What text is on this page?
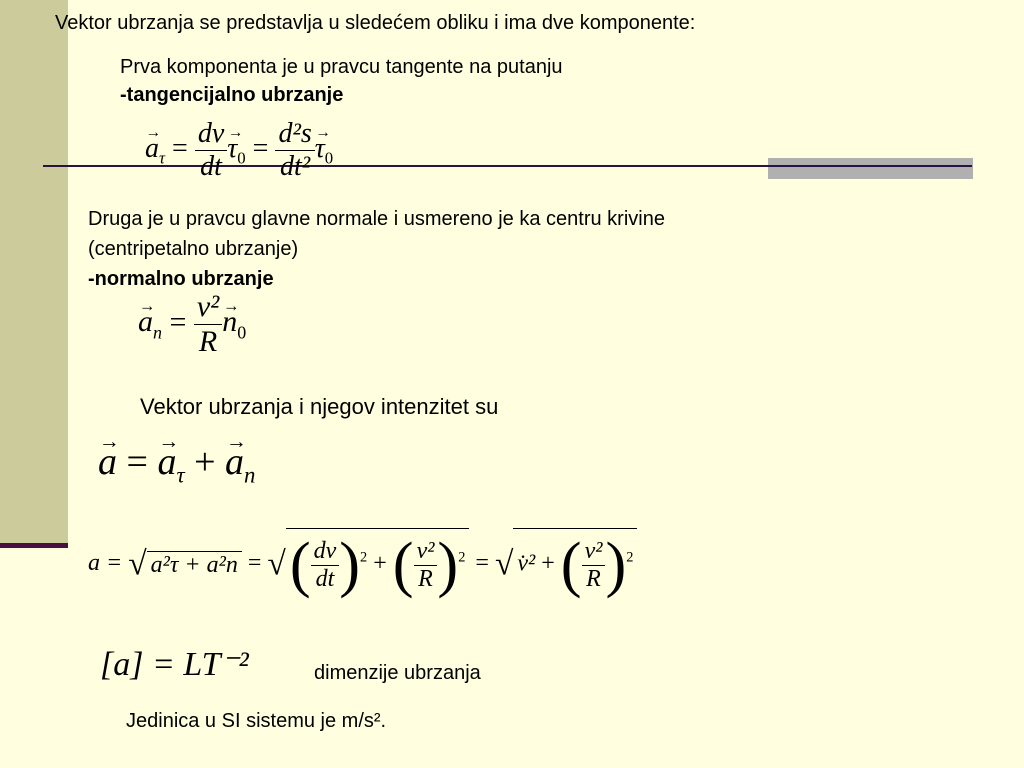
Vektor ubrzanja se predstavlja u sledećem obliku i ima dve komponente:
Prva komponenta je u pravcu tangente na putanju
-tangencijalno ubrzanje
→ $a_\tau = \frac{dv}{dt} \to \tau_0 = \frac{\text{d²s}}{\text{dt²}} \to \tau_0$
Druga je u pravcu glavne normale i usmereno je ka centru krivine
(centripetalno ubrzanje)
-normalno ubrzanje
→ $a_n = \frac{\text{v²}}{R} \to n_0$
Vektor ubrzanja i njegov intenzitet su
→ a = → $a_\tau$ + → $a_n$
a = √ a²τ + a²n = √( $\frac{dv}{dt} )^2$ + ( $\frac{\text{v²}}{R} )^2$ = √ v̇² + ( $\frac{\text{v²}}{R} )^2$
[a] = LT⁻²	dimenzije ubrzanja
Jedinica u SI sistemu je m/s².
